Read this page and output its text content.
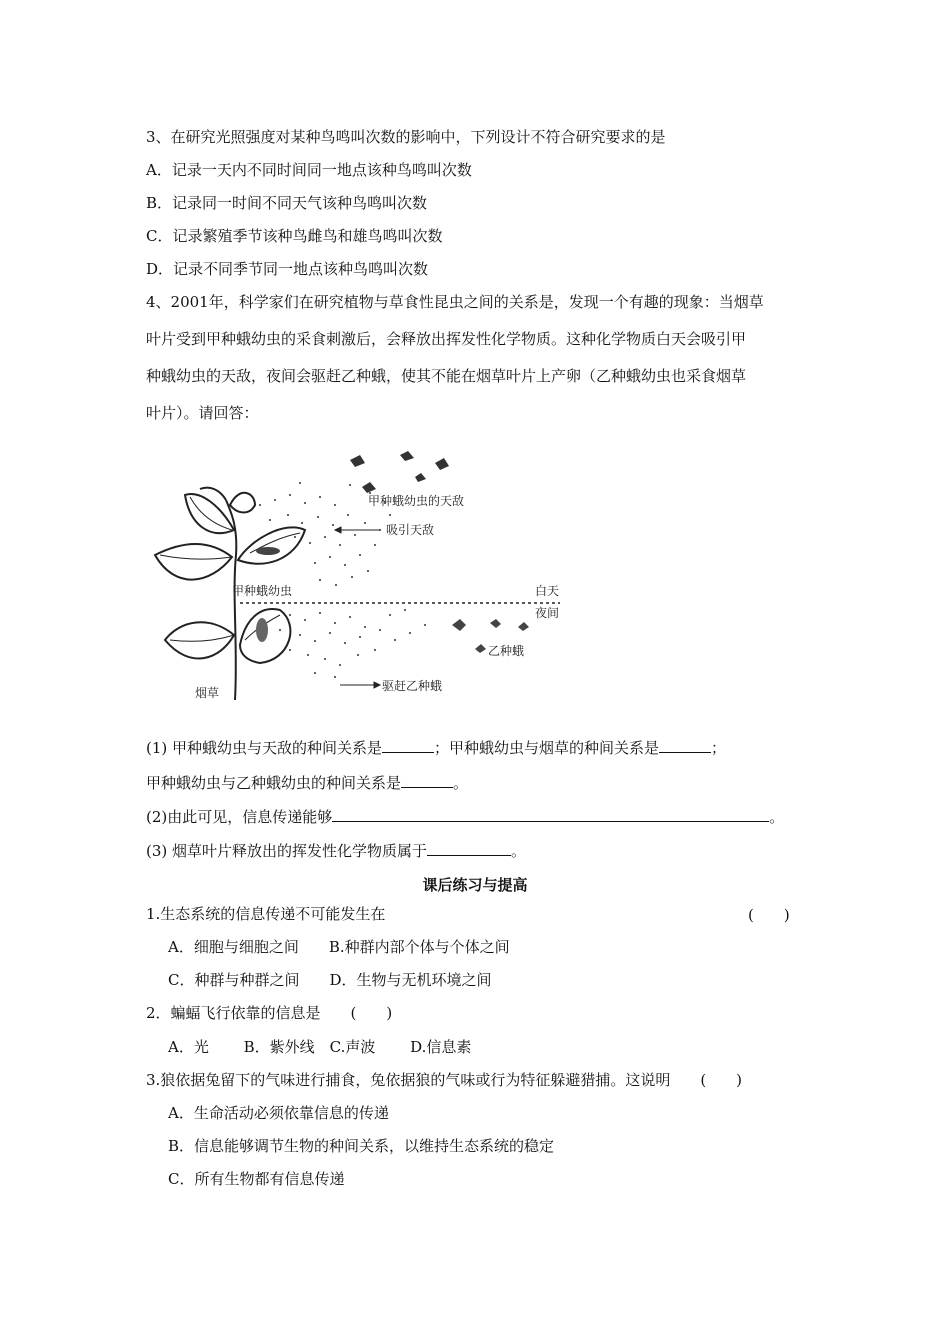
3、在研究光照强度对某种鸟鸣叫次数的影响中，下列设计不符合研究要求的是
A．记录一天内不同时间同一地点该种鸟鸣叫次数
B．记录同一时间不同天气该种鸟鸣叫次数
C．记录繁殖季节该种鸟雌鸟和雄鸟鸣叫次数
D．记录不同季节同一地点该种鸟鸣叫次数
4、2001年，科学家们在研究植物与草食性昆虫之间的关系是，发现一个有趣的现象：当烟草
叶片受到甲种蛾幼虫的采食刺激后，会释放出挥发性化学物质。这种化学物质白天会吸引甲
种蛾幼虫的天敌，夜间会驱赶乙种蛾，使其不能在烟草叶片上产卵（乙种蛾幼虫也采食烟草
叶片）。请回答：
甲种蛾幼虫的天敌
吸引天敌
甲种蛾幼虫	白天
夜间
乙种蛾
烟草	驱赶乙种蛾
(1) 甲种蛾幼虫与天敌的种间关系是	；甲种蛾幼虫与烟草的种间关系是	；
甲种蛾幼虫与乙种蛾幼虫的种间关系是	。
(2)由此可见，信息传递能够	。
(3) 烟草叶片释放出的挥发性化学物质属于	。
课后练习与提高
1.生态系统的信息传递不可能发生在	(　　)
A．细胞与细胞之间　　B.种群内部个体与个体之间
C．种群与种群之间　　D．生物与无机环境之间
2．蝙蝠飞行依靠的信息是　　(　　)
A．光　　 B．紫外线　C.声波　　 D.信息素
3.狼依据兔留下的气味进行捕食，兔依据狼的气味或行为特征躲避猎捕。这说明　　(　　)
A．生命活动必须依靠信息的传递
B．信息能够调节生物的种间关系，以维持生态系统的稳定
C．所有生物都有信息传递
